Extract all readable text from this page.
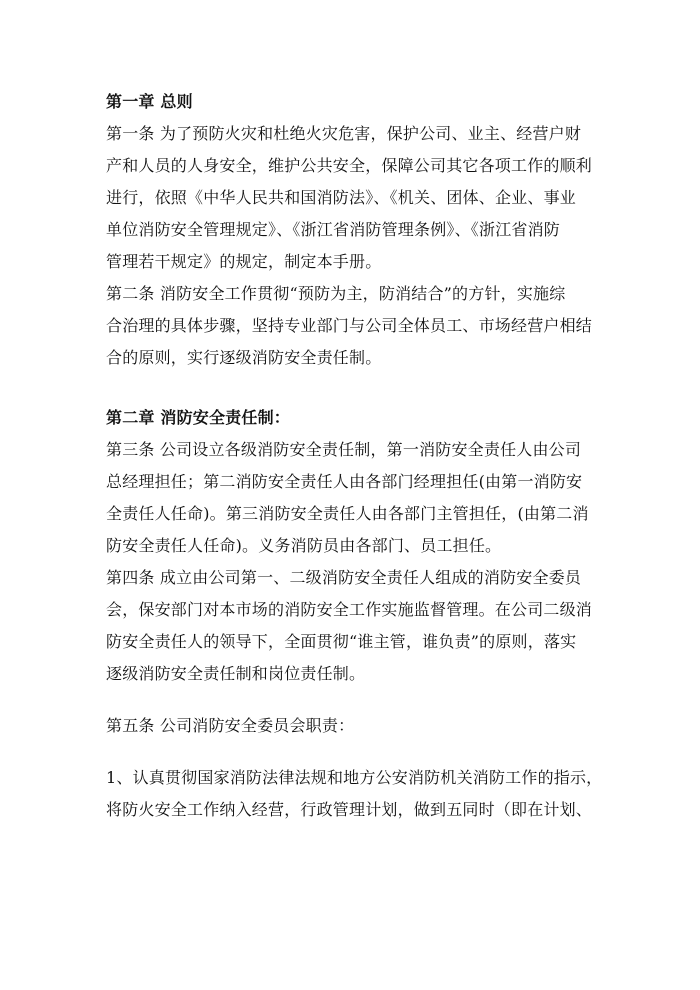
第一章 总则
第一条 为了预防火灾和杜绝火灾危害，保护公司、业主、经营户财
产和人员的人身安全，维护公共安全，保障公司其它各项工作的顺利
进行，依照《中华人民共和国消防法》、《机关、团体、企业、事业
单位消防安全管理规定》、《浙江省消防管理条例》、《浙江省消防
管理若干规定》的规定，制定本手册。
第二条 消防安全工作贯彻“预防为主，防消结合”的方针，实施综
合治理的具体步骤，坚持专业部门与公司全体员工、市场经营户相结
合的原则，实行逐级消防安全责任制。
第二章 消防安全责任制：
第三条 公司设立各级消防安全责任制，第一消防安全责任人由公司
总经理担任；第二消防安全责任人由各部门经理担任(由第一消防安
全责任人任命)。第三消防安全责任人由各部门主管担任，(由第二消
防安全责任人任命)。义务消防员由各部门、员工担任。
第四条 成立由公司第一、二级消防安全责任人组成的消防安全委员
会，保安部门对本市场的消防安全工作实施监督管理。在公司二级消
防安全责任人的领导下，全面贯彻“谁主管，谁负责”的原则，落实
逐级消防安全责任制和岗位责任制。
第五条 公司消防安全委员会职责：
1、认真贯彻国家消防法律法规和地方公安消防机关消防工作的指示，
将防火安全工作纳入经营，行政管理计划，做到五同时（即在计划、
